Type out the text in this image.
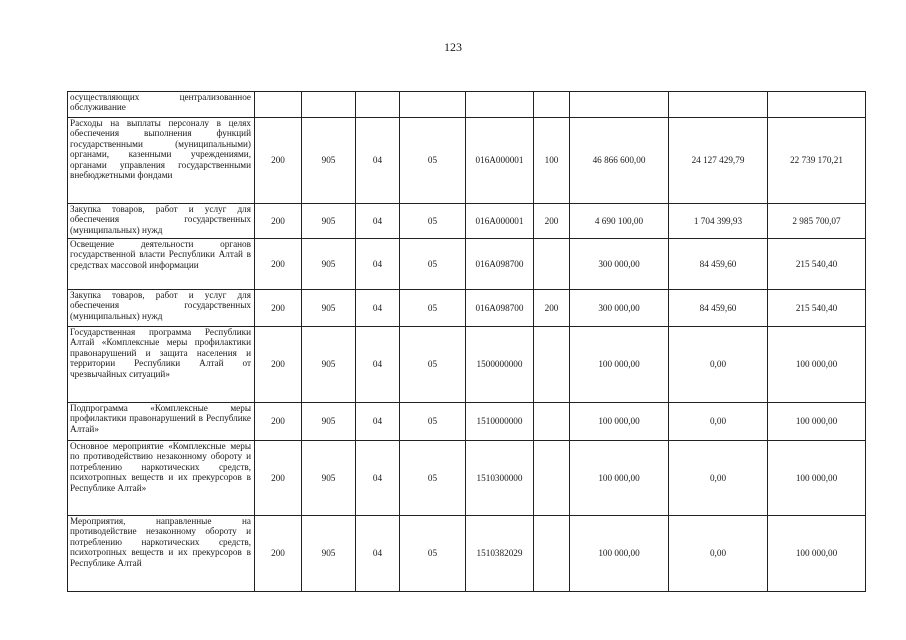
123
осуществляющих централизованное обслуживание									
Расходы на выплаты персоналу в целях обеспечения выполнения функций государственными (муниципальными) органами, казенными учреждениями, органами управления государственными внебюджетными фондами	200	905	04	05	016А000001	100	46 866 600,00	24 127 429,79	22 739 170,21
Закупка товаров, работ и услуг для обеспечения государственных (муниципальных) нужд	200	905	04	05	016А000001	200	4 690 100,00	1 704 399,93	2 985 700,07
Освещение деятельности органов государственной власти Республики Алтай в средствах массовой информации	200	905	04	05	016А098700		300 000,00	84 459,60	215 540,40
Закупка товаров, работ и услуг для обеспечения государственных (муниципальных) нужд	200	905	04	05	016А098700	200	300 000,00	84 459,60	215 540,40
Государственная программа Республики Алтай «Комплексные меры профилактики правонарушений и защита населения и территории Республики Алтай от чрезвычайных ситуаций»	200	905	04	05	1500000000		100 000,00	0,00	100 000,00
Подпрограмма «Комплексные меры профилактики правонарушений в Республике Алтай»	200	905	04	05	1510000000		100 000,00	0,00	100 000,00
Основное мероприятие «Комплексные меры по противодействию незаконному обороту и потреблению наркотических средств, психотропных веществ и их прекурсоров в Республике Алтай»	200	905	04	05	1510300000		100 000,00	0,00	100 000,00
Мероприятия, направленные на противодействие незаконному обороту и потреблению наркотических средств, психотропных веществ и их прекурсоров в Республике Алтай	200	905	04	05	1510382029		100 000,00	0,00	100 000,00
